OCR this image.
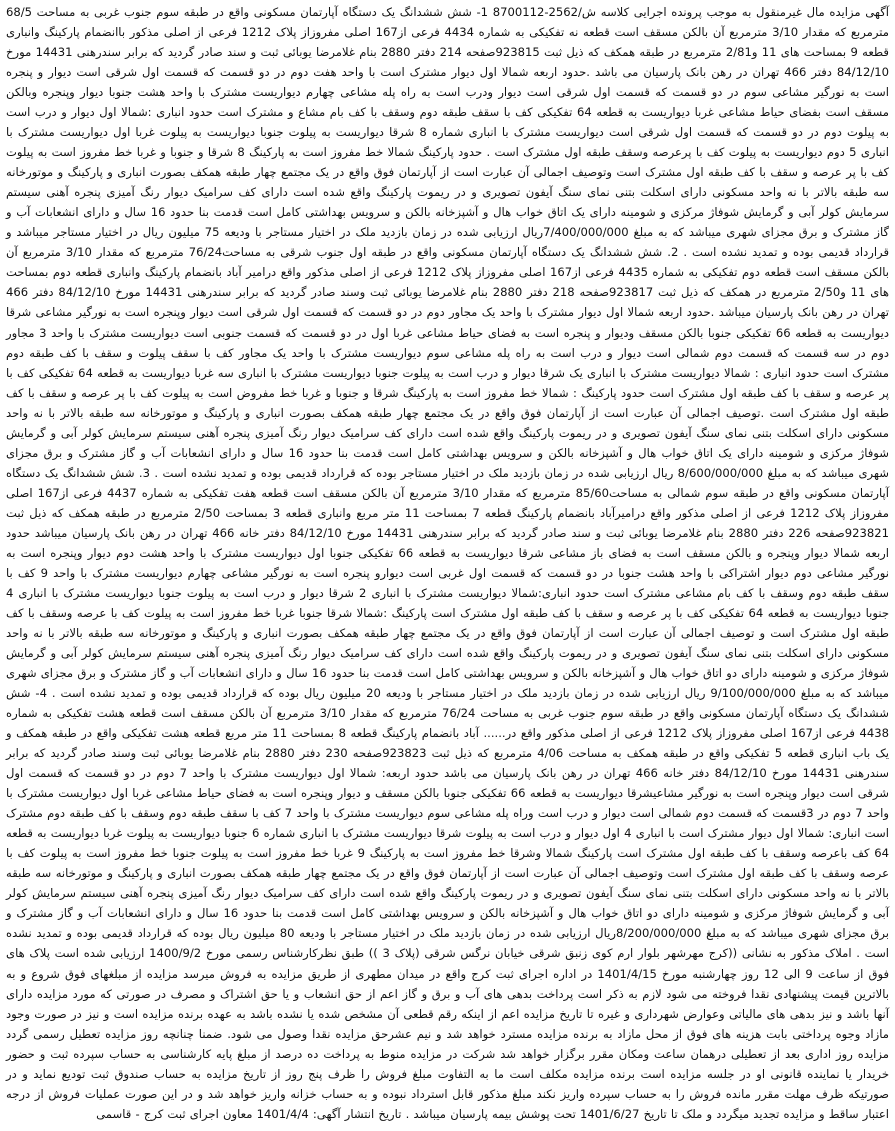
آگهی مزایده مال غیرمنقول به موجب پرونده اجرایی کلاسه ش/2562-8700112 1- شش ششدانگ یک دستگاه آپارتمان مسکونی واقع در طبقه سوم جنوب غربی به مساحت 68/5 مترمربع که مقدار 3/10 مترمربع آن بالکن مسقف است قطعه نه تفکیکی به شماره 4434 فرعی از167 اصلی مفروزاز پلاک 1212 فرعی از اصلی مذکور باانضمام پارکینگ وانباری قطعه 9 بمساحت های 11 و2/81 مترمربع در طبقه همکف که ذیل ثبت 923815صفحه 214 دفتر 2880 بنام غلامرضا یوبائی ثبت و سند صادر گردید که برابر سندرهنی 14431 مورخ 84/12/10 دفتر 466 تهران در رهن بانک پارسیان می باشد .حدود اربعه شمالا اول دیوار مشترک است با واحد هفت دوم در دو قسمت که قسمت اول شرقی است دیوار و پنجره است به نورگیر مشاعی سوم در دو قسمت که قسمت اول شرقی است دیوار ودرب است به راه پله مشاعی چهارم دیواریست مشترک با واحد هشت جنوبا دیوار وپنجره وبالکن مسقف است بفضای حیاط مشاعی غربا دیواریست به قطعه 64 تفکیکی کف با سقف طبقه دوم وسقف با کف بام مشاع و مشترک است حدود انباری :شمالا اول دیوار و درب است به پیلوت دوم در دو قسمت که قسمت اول شرقی است دیواریست مشترک با انباری شماره 8 شرقا دیواریست به پیلوت جنوبا دیواریست به پیلوت غربا اول دیواریست مشترک با انباری 5 دوم دیواریست به پیلوت کف با پرعرصه وسقف طبقه اول مشترک است . حدود پارکینگ شمالا خط مفروز است به پارکینگ 8 شرقا و جنوبا و غربا خط مفروز است به پیلوت کف با پر عرصه و سقف با کف طبقه اول مشترک است وتوصیف اجمالی آن عبارت است از آپارتمان فوق واقع در یک مجتمع چهار طبقه همکف بصورت انباری و پارکینگ و موتورخانه سه طبقه بالاتر با نه واحد مسکونی دارای اسکلت بتنی نمای سنگ آیفون تصویری و در ریموت پارکینگ واقع شده است دارای کف سرامیک دیوار رنگ آمیزی پنجره آهنی سیستم سرمایش کولر آبی و گرمایش شوفاژ مرکزی و شومینه دارای یک اتاق خواب هال و آشپزخانه بالکن و سرویس بهداشتی کامل است قدمت بنا حدود 16 سال و دارای انشعابات آب و گاز مشترک و برق مجزای شهری میباشد که به مبلغ 7/400/000/000ریال ارزیابی شده در زمان بازدید ملک در اختیار مستاجر با ودیعه 75 میلیون ریال در اختیار مستاجر میباشد و قرارداد قدیمی بوده و تمدید نشده است . 2. شش ششدانگ یک دستگاه آپارتمان مسکونی واقع در طبقه اول جنوب شرقی به مساحت76/24 مترمربع که مقدار 3/10 مترمربع آن بالکن مسقف است قطعه دوم تفکیکی به شماره 4435 فرعی از167 اصلی مفروزاز پلاک 1212 فرعی از اصلی مذکور واقع درامیر آباد بانضمام پارکینگ وانباری قطعه دوم بمساحت های 11 و2/50 مترمربع در همکف که ذیل ثبت 923817صفحه 218 دفتر 2880 بنام غلامرضا یوبائی ثبت وسند صادر گردید که برابر سندرهنی 14431 مورخ 84/12/10 دفتر 466 تهران در رهن بانک پارسیان میباشد .حدود اربعه شمالا اول دیوار مشترک با واحد یک مجاور دوم در دو قسمت که قسمت اول شرقی است دیوار وپنجره است به نورگیر مشاعی شرقا دیواریست به قطعه 66 تفکیکی جنوبا بالکن مسقف ودیوار و پنجره است به فضای حیاط مشاعی غربا اول در دو قسمت که قسمت جنوبی است دیواریست مشترک با واحد 3 مجاور دوم در سه قسمت که قسمت دوم شمالی است دیوار و درب است به راه پله مشاعی سوم دیواریست مشترک با واحد یک مجاور کف با سقف پیلوت و سقف با کف طبقه دوم مشترک است حدود انباری : شمالا دیواریست مشترک با انباری یک شرقا دیوار و درب است به پیلوت جنوبا دیواریست مشترک با انباری سه غربا دیواریست به قطعه 64 تفکیکی کف با پر عرصه و سقف با کف طبقه اول مشترک است حدود پارکینگ : شمالا خط مفروز است به پارکینگ شرقا و جنوبا و غربا خط مفروض است به پیلوت کف با پر عرصه و سقف با کف طبقه اول مشترک است .توصیف اجمالی آن عبارت است از آپارتمان فوق واقع در یک مجتمع چهار طبقه همکف بصورت انباری و پارکینگ و موتورخانه سه طبقه بالاتر با نه واحد مسکونی دارای اسکلت بتنی نمای سنگ آیفون تصویری و در ریموت پارکینگ واقع شده است دارای کف سرامیک دیوار رنگ آمیزی پنجره آهنی سیستم سرمایش کولر آبی و گرمایش شوفاژ مرکزی و شومینه دارای یک اتاق خواب هال و آشپزخانه بالکن و سرویس بهداشتی کامل است قدمت بنا حدود 16 سال و دارای انشعابات آب و گاز مشترک و برق مجزای شهری میباشد که به مبلغ 8/600/000/000 ریال ارزیابی شده در زمان بازدید ملک در اختیار مستاجر بوده که قرارداد قدیمی بوده و تمدید نشده است . 3. شش ششدانگ یک دستگاه آپارتمان مسکونی واقع در طبقه سوم شمالی به مساحت85/60 مترمربع که مقدار 3/10 مترمربع آن بالکن مسقف است قطعه هفت تفکیکی به شماره 4437 فرعی از167 اصلی مفروزاز پلاک 1212 فرعی از اصلی مذکور واقع درامیرآباد بانضمام پارکینگ قطعه 7 بمساحت 11 متر مربع وانباری قطعه 3 بمساحت 2/50 مترمربع در طبقه همکف که ذیل ثبت 923821صفحه 226 دفتر 2880 بنام غلامرضا یوبائی ثبت و سند صادر گردید که برابر سندرهنی 14431 مورخ 84/12/10 دفتر خانه 466 تهران در رهن بانک پارسیان میباشد حدود اربعه شمالا دیوار وپنجره و بالکن مسقف است به فضای باز مشاعی شرقا دیواریست به قطعه 66 تفکیکی جنوبا اول دیواریست مشترک با واحد هشت دوم دیوار وپنجره است به نورگیر مشاعی دوم دیوار اشتراکی با واحد هشت جنوبا در دو قسمت که قسمت اول غربی است دیوارو پنجره است به نورگیر مشاعی چهارم دیواریست مشترک با واحد 9 کف با سقف طبقه دوم وسقف با کف بام مشاعی مشترک است حدود انباری:شمالا دیواریست مشترک با انباری 2 شرقا دیوار و درب است به پیلوت جنوبا دیواریست مشترک با انباری 4 جنوبا دیواریست به قطعه 64 تفکیکی کف با پر عرصه و سقف با کف طبقه اول مشترک است پارکینگ :شمالا شرقا جنوبا غربا خط مفروز است به پیلوت کف با عرصه وسقف با کف طبقه اول مشترک است و توصیف اجمالی آن عبارت است از آپارتمان فوق واقع در یک مجتمع چهار طبقه همکف بصورت انباری و پارکینگ و موتورخانه سه طبقه بالاتر با نه واحد مسکونی دارای اسکلت بتنی نمای سنگ آیفون تصویری و در ریموت پارکینگ واقع شده است دارای کف سرامیک دیوار رنگ آمیزی پنجره آهنی سیستم سرمایش کولر آبی و گرمایش شوفاژ مرکزی و شومینه دارای دو اتاق خواب هال و آشپزخانه بالکن و سرویس بهداشتی کامل است قدمت بنا حدود 16 سال و دارای انشعابات آب و گاز مشترک و برق مجزای شهری میباشد که به مبلغ 9/100/000/000 ریال ارزیابی شده در زمان بازدید ملک در اختیار مستاجر با ودیعه 20 میلیون ریال بوده که قرارداد قدیمی بوده و تمدید نشده است . 4- شش ششدانگ یک دستگاه آپارتمان مسکونی واقع در طبقه سوم جنوب غربی به مساحت 76/24 مترمربع که مقدار 3/10 مترمربع آن بالکن مسقف است قطعه هشت تفکیکی به شماره 4438 فرعی از167 اصلی مفروزاز پلاک 1212 فرعی از اصلی مذکور واقع در...... آباد بانضمام پارکینگ قطعه 8 بمساحت 11 متر مربع قطعه هشت تفکیکی واقع در طبقه همکف و یک باب انباری قطعه 5 تفکیکی واقع در طبقه همکف به مساحت 4/06 مترمربع که ذیل ثبت 923823صفحه 230 دفتر 2880 بنام غلامرضا یوبائی ثبت وسند صادر گردید که برابر سندرهنی 14431 مورخ 84/12/10 دفتر خانه 466 تهران در رهن بانک پارسیان می باشد حدود اربعه: شمالا اول دیواریست مشترک با واحد 7 دوم در دو قسمت که قسمت اول شرقی است دیوار وپنجره است به نورگیر مشاعیشرقا دیواریست به قطعه 66 تفکیکی جنوبا بالکن مسقف و دیوار وپنجره است به فضای حیاط مشاعی غربا اول دیواریست مشترک با واحد 7 دوم در 3قسمت که قسمت دوم شمالی است دیوار و درب است وراه پله مشاعی سوم دیواریست مشترک با واحد 7 کف با سقف طبقه دوم وسقف با کف طبقه دوم مشترک است انباری: شمالا اول دیوار مشترک است با انباری 4 اول دیوار و درب است به پیلوت شرقا دیواریست مشترک با انباری شماره 6 جنوبا دیواریست به پیلوت غربا دیواریست به قطعه 64 کف باعرصه وسقف با کف طبقه اول مشترک است پارکینگ شمالا وشرقا خط مفروز است به پارکینگ 9 غربا خط مفروز است به پیلوت جنوبا خط مفروز است به پیلوت کف با عرصه وسقف با کف طبقه اول مشترک است وتوصیف اجمالی آن عبارت است از آپارتمان فوق واقع در یک مجتمع چهار طبقه همکف بصورت انباری و پارکینگ و موتورخانه سه طبقه بالاتر با نه واحد مسکونی دارای اسکلت بتنی نمای سنگ آیفون تصویری و در ریموت پارکینگ واقع شده است دارای کف سرامیک دیوار رنگ آمیزی پنجره آهنی سیستم سرمایش کولر آبی و گرمایش شوفاژ مرکزی و شومینه دارای دو اتاق خواب هال و آشپزخانه بالکن و سرویس بهداشتی کامل است قدمت بنا حدود 16 سال و دارای انشعابات آب و گاز مشترک و برق مجزای شهری میباشد که به مبلغ 8/200/000/000ریال ارزیابی شده در زمان بازدید ملک در اختیار مستاجر با ودیعه 80 میلیون ریال بوده که قرارداد قدیمی بوده و تمدید نشده است . املاک مذکور به نشانی ((کرج مهرشهر بلوار ارم کوی زنبق شرقی خیابان نرگس شرقی (پلاک 3 )) طبق نظرکارشناس رسمی مورخ 1400/9/2 ارزیابی شده است پلاک های فوق از ساعت 9 الی 12 روز چهارشنبه مورخ 1401/4/15 در اداره اجرای ثبت کرج واقع در میدان مطهری از طریق مزایده به فروش میرسد مزایده از مبلغهای فوق شروع و به بالاترین قیمت پیشنهادی نقدا فروخته می شود لازم به ذکر است پرداخت بدهی های آب و برق و گاز اعم از حق انشعاب و یا حق اشتراک و مصرف در صورتی که مورد مزایده دارای آنها باشد و نیز بدهی های مالیاتی وعوارض شهرداری و غیره تا تاریخ مزایده اعم از اینکه رقم قطعی آن مشخص شده یا نشده باشد به عهده برنده مزایده است و نیز در صورت وجود مازاد وجوه پرداختی بابت هزینه های فوق از محل مازاد به برنده مزایده مسترد خواهد شد و نیم عشرحق مزایده نقدا وصول می شود. ضمنا چنانچه روز مزایده تعطیل رسمی گردد مزایده روز اداری بعد از تعطیلی درهمان ساعت ومکان مقرر برگزار خواهد شد شرکت در مزایده منوط به پرداخت ده درصد از مبلغ پایه کارشناسی به حساب سپرده ثبت و حضور خریدار یا نماینده قانونی او در جلسه مزایده است برنده مزایده مکلف است ما به التفاوت مبلغ فروش را ظرف پنج روز از تاریخ مزایده به حساب صندوق ثبت تودیع نماید و در صورتیکه ظرف مهلت مقرر مانده فروش را به حساب سپرده واریز نکند مبلغ مذکور قابل استرداد نبوده و به حساب خزانه واریز خواهد شد و در این صورت عملیات فروش از درجه اعتبار ساقط و مزایده تجدید میگردد و ملک تا تاریخ 1401/6/27 تحت پوشش بیمه پارسیان میباشد . تاریخ انتشار آگهی: 1401/4/4 معاون اجرای ثبت کرج - قاسمی
